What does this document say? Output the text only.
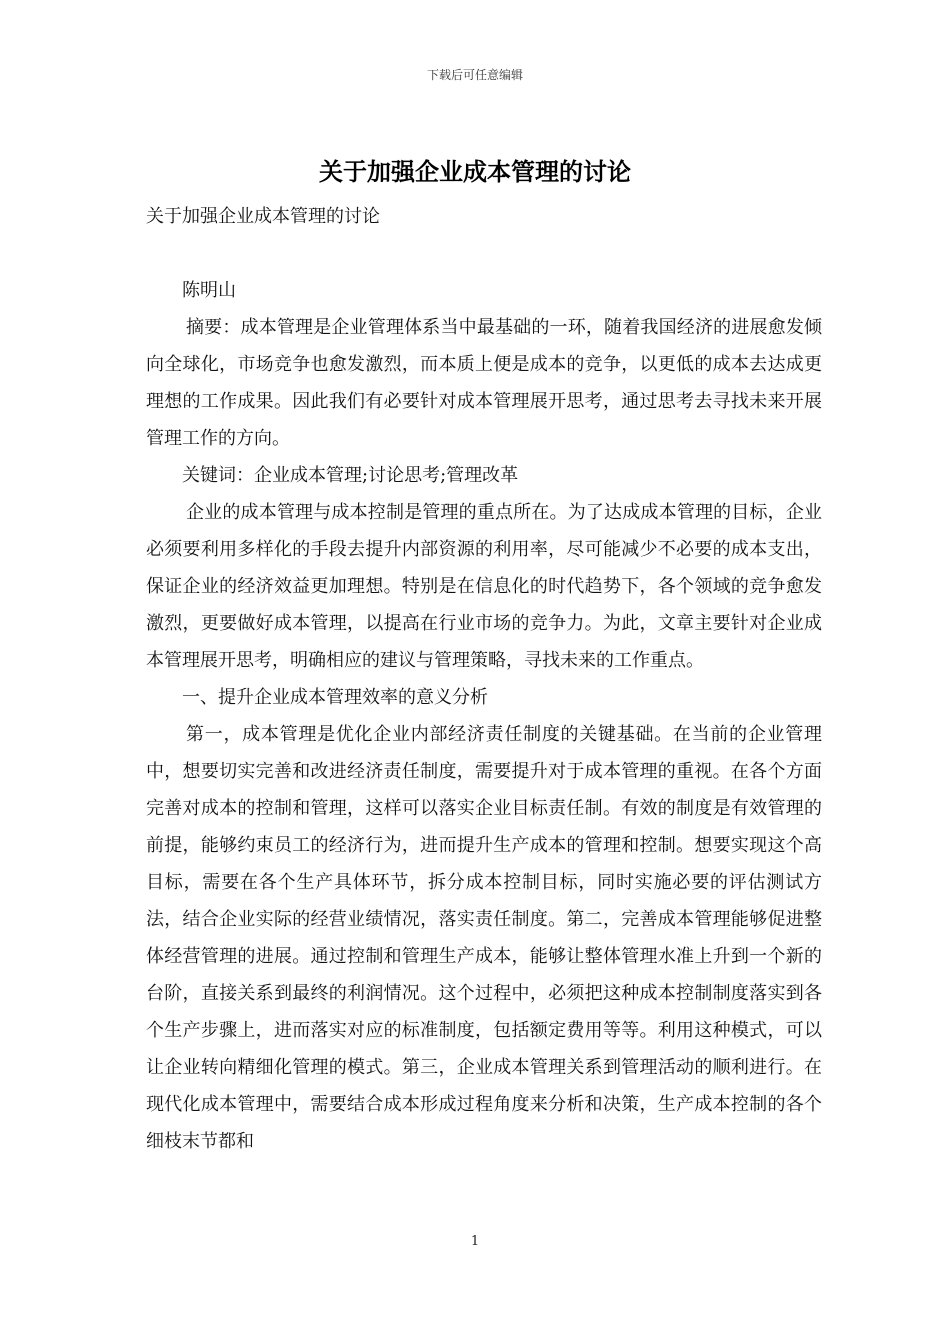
下载后可任意编辑
关于加强企业成本管理的讨论

关于加强企业成本管理的讨论

陈明山

摘要：成本管理是企业管理体系当中最基础的一环，随着我国经济的进展愈发倾向全球化，市场竞争也愈发激烈，而本质上便是成本的竞争，以更低的成本去达成更理想的工作成果。因此我们有必要针对成本管理展开思考，通过思考去寻找未来开展管理工作的方向。

关键词：企业成本管理;讨论思考;管理改革

企业的成本管理与成本控制是管理的重点所在。为了达成成本管理的目标，企业必须要利用多样化的手段去提升内部资源的利用率，尽可能减少不必要的成本支出，保证企业的经济效益更加理想。特别是在信息化的时代趋势下，各个领域的竞争愈发激烈，更要做好成本管理，以提高在行业市场的竞争力。为此，文章主要针对企业成本管理展开思考，明确相应的建议与管理策略，寻找未来的工作重点。

一、提升企业成本管理效率的意义分析

第一，成本管理是优化企业内部经济责任制度的关键基础。在当前的企业管理中，想要切实完善和改进经济责任制度，需要提升对于成本管理的重视。在各个方面完善对成本的控制和管理，这样可以落实企业目标责任制。有效的制度是有效管理的前提，能够约束员工的经济行为，进而提升生产成本的管理和控制。想要实现这个高目标，需要在各个生产具体环节，拆分成本控制目标，同时实施必要的评估测试方法，结合企业实际的经营业绩情况，落实责任制度。第二，完善成本管理能够促进整体经营管理的进展。通过控制和管理生产成本，能够让整体管理水准上升到一个新的台阶，直接关系到最终的利润情况。这个过程中，必须把这种成本控制制度落实到各个生产步骤上，进而落实对应的标准制度，包括额定费用等等。利用这种模式，可以让企业转向精细化管理的模式。第三，企业成本管理关系到管理活动的顺利进行。在现代化成本管理中，需要结合成本形成过程角度来分析和决策，生产成本控制的各个细枝末节都和

1
